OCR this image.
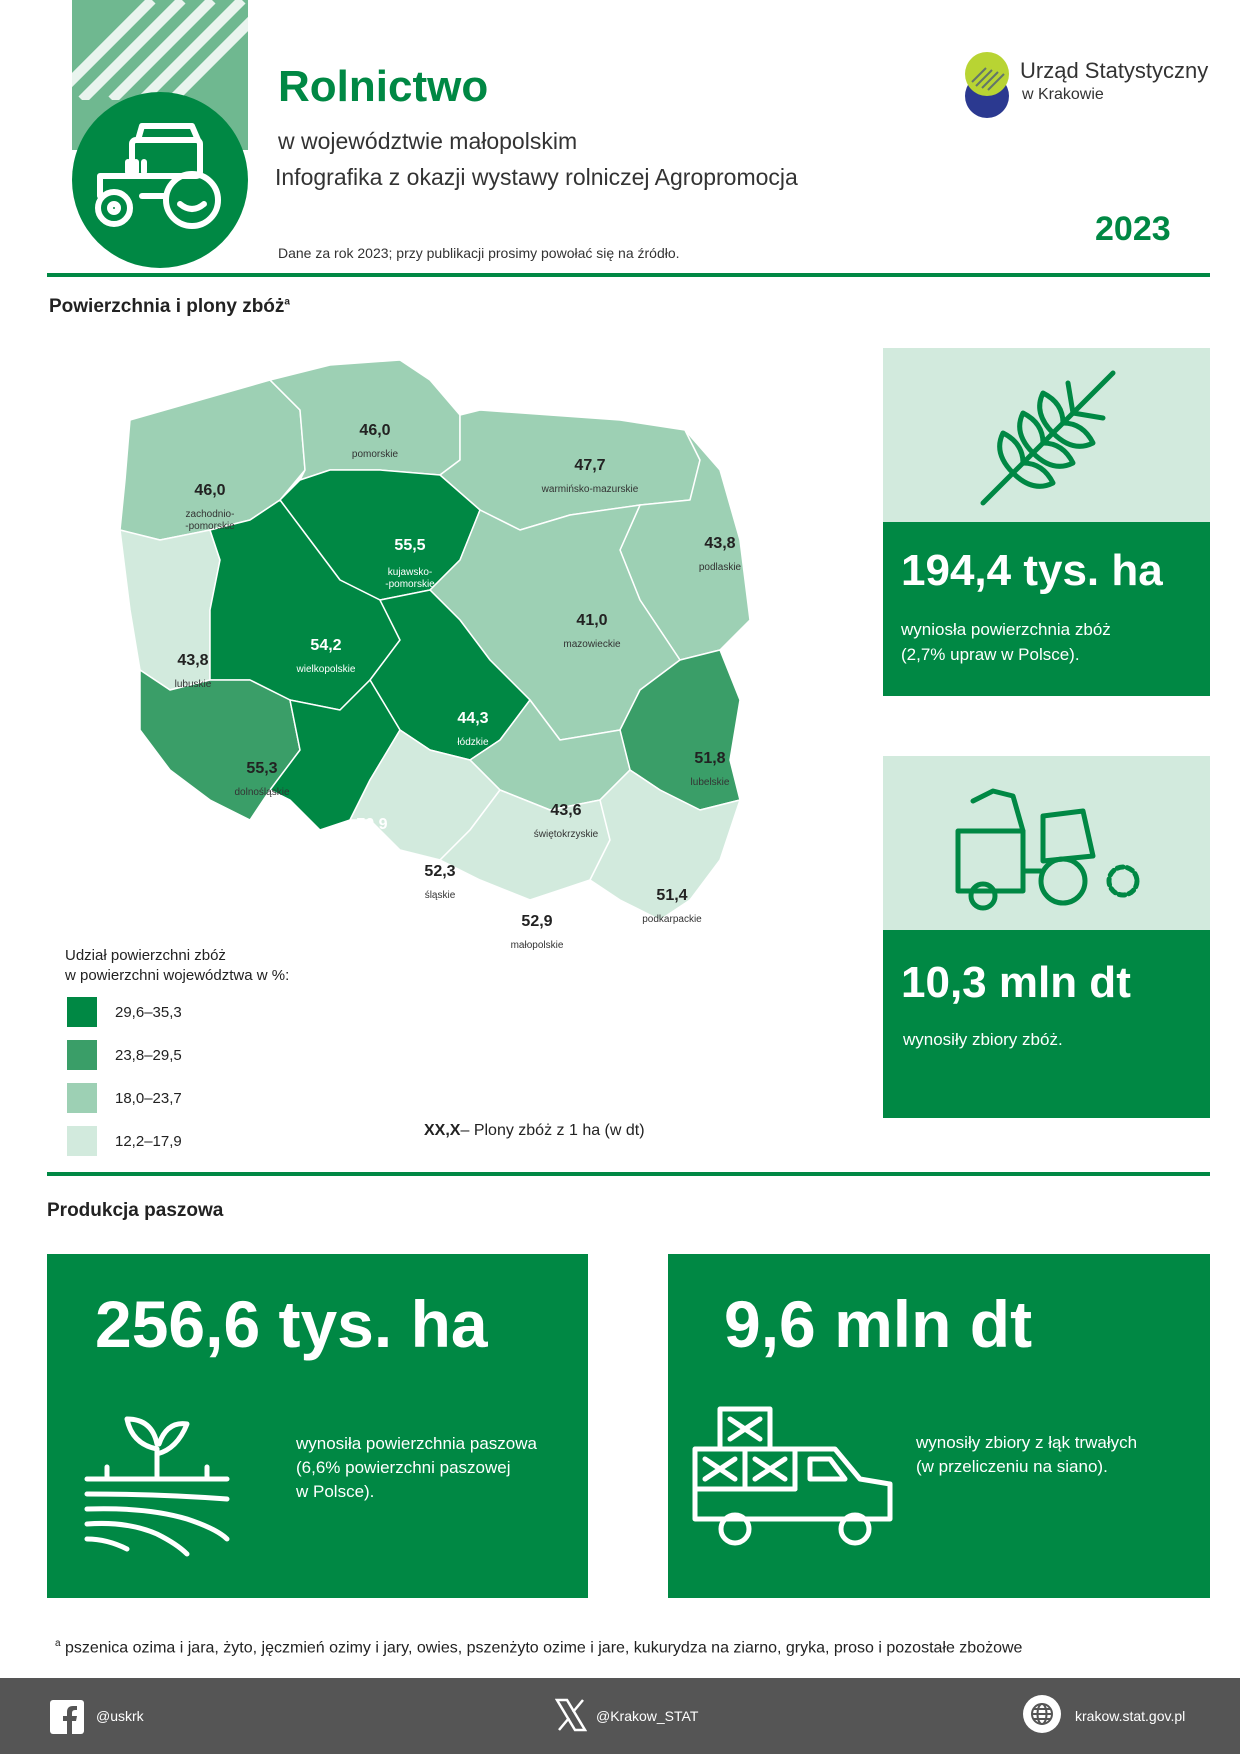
Rolnictwo
w województwie małopolskim
Infografika z okazji wystawy rolniczej Agropromocja
Dane za rok 2023; przy publikacji prosimy powołać się na źródło.
2023
Urząd Statystyczny
w Krakowie
Powierzchnia i plony zbóż$^a$
46,0
pomorskie
46,0
zachodnio-
-pomorskie
47,7
warmińsko-mazurskie
43,8
podlaskie
55,5
kujawsko-
-pomorskie
43,8
lubuskie
54,2
wielkopolskie
41,0
mazowieckie
44,3
łódzkie
55,3
dolnośląskie
51,8
lubelskie
43,6
świętokrzyskie
70,9
opolskie
52,3
śląskie
52,9
małopolskie
51,4
podkarpackie
Udział powierzchni zbóż
w powierzchni województwa w %:
29,6–35,3
23,8–29,5
18,0–23,7
12,2–17,9
XX,X– Plony zbóż z 1 ha (w dt)
194,4 tys. ha
wyniosła powierzchnia zbóż
(2,7% upraw w Polsce).
10,3 mln dt
wynosiły zbiory zbóż.
Produkcja paszowa
256,6 tys. ha
wynosiła powierzchnia paszowa
(6,6% powierzchni paszowej
w Polsce).
9,6 mln dt
wynosiły zbiory z łąk trwałych
(w przeliczeniu na siano).
$^a$ pszenica ozima i jara, żyto, jęczmień ozimy i jary, owies, pszenżyto ozime i jare, kukurydza na ziarno, gryka, proso i pozostałe zbożowe
@uskrk	@Krakow_STAT	krakow.stat.gov.pl
